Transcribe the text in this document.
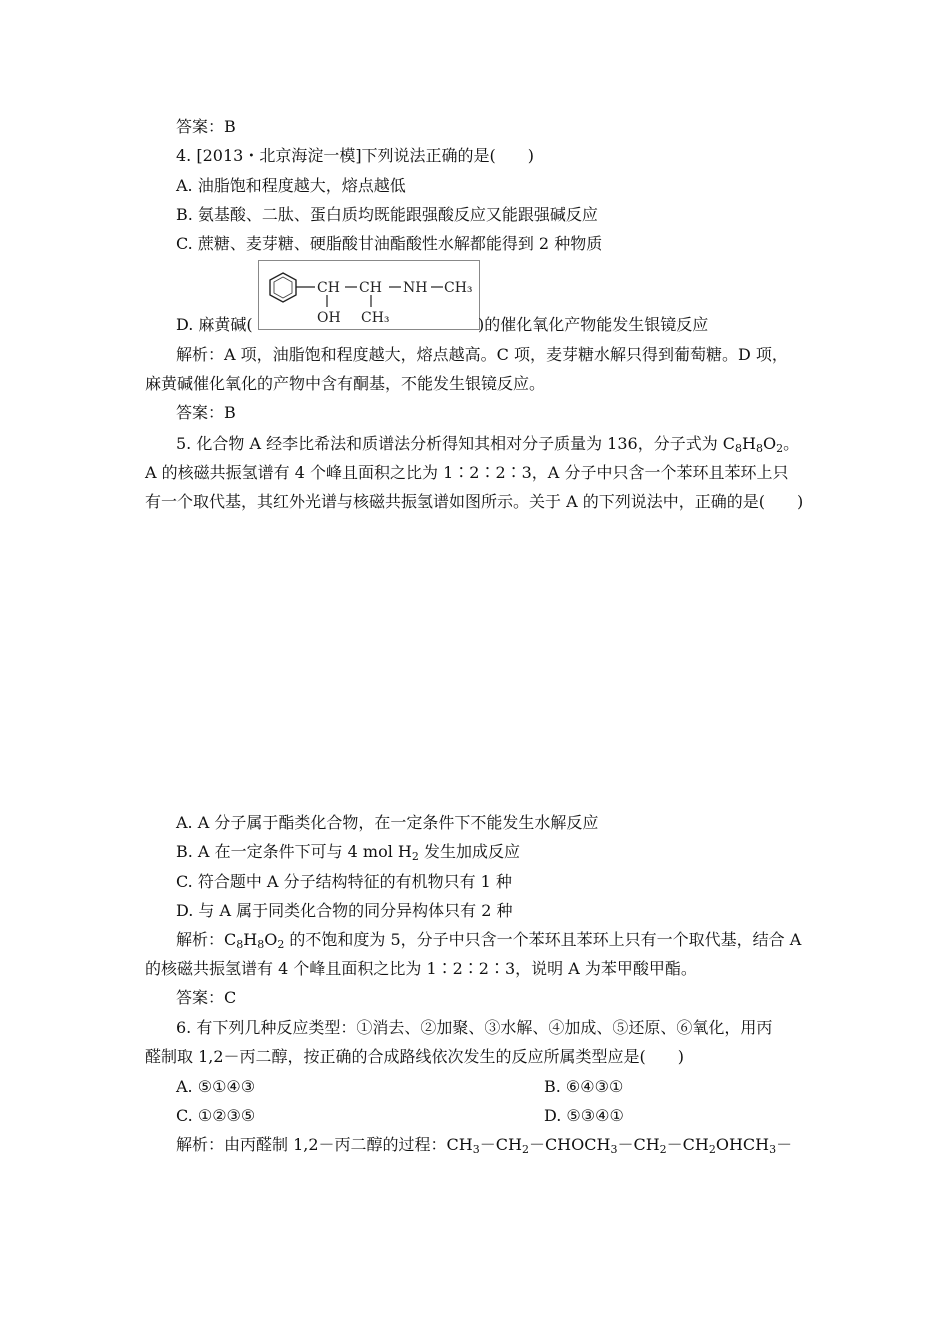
答案：B
4. [2013・北京海淀一模]下列说法正确的是(　　)
A. 油脂饱和程度越大，熔点越低
B. 氨基酸、二肽、蛋白质均既能跟强酸反应又能跟强碱反应
C. 蔗糖、麦芽糖、硬脂酸甘油酯酸性水解都能得到 2 种物质
CH CH NH CH₃
OH CH₃
D. 麻黄碱(	)的催化氧化产物能发生银镜反应
解析：A 项，油脂饱和程度越大，熔点越高。C 项，麦芽糖水解只得到葡萄糖。D 项，
麻黄碱催化氧化的产物中含有酮基，不能发生银镜反应。
答案：B
5. 化合物 A 经李比希法和质谱法分析得知其相对分子质量为 136，分子式为 $C_8H_8O_2$。
A 的核磁共振氢谱有 4 个峰且面积之比为 1∶2∶2∶3，A 分子中只含一个苯环且苯环上只
有一个取代基，其红外光谱与核磁共振氢谱如图所示。关于 A 的下列说法中，正确的是(　　)
A. A 分子属于酯类化合物，在一定条件下不能发生水解反应
B. A 在一定条件下可与 4 mol $H_2$ 发生加成反应
C. 符合题中 A 分子结构特征的有机物只有 1 种
D. 与 A 属于同类化合物的同分异构体只有 2 种
解析：$C_8H_8O_2$ 的不饱和度为 5，分子中只含一个苯环且苯环上只有一个取代基，结合 A
的核磁共振氢谱有 4 个峰且面积之比为 1∶2∶2∶3，说明 A 为苯甲酸甲酯。
答案：C
6. 有下列几种反应类型：①消去、②加聚、③水解、④加成、⑤还原、⑥氧化，用丙
醛制取 1,2－丙二醇，按正确的合成路线依次发生的反应所属类型应是(　　)
A. ⑤①④③	B. ⑥④③①
C. ①②③⑤	D. ⑤③④①
解析：由丙醛制 1,2－丙二醇的过程：$CH_3-CH_2-CHOCH_3-CH_2-CH_2OHCH_3-$
